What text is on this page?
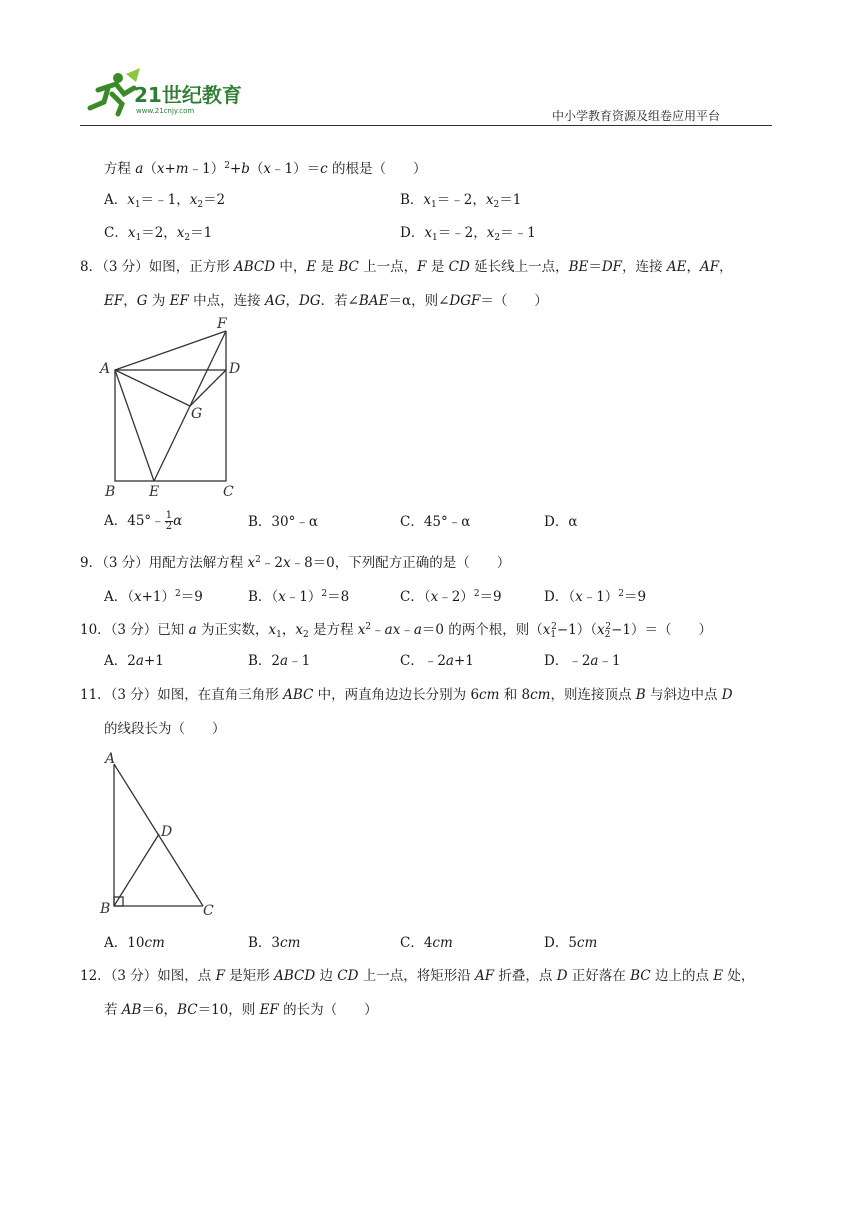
21世纪教育
www.21cnjy.com	中小学教育资源及组卷应用平台
方程 a（x+m﹣1）$^2$+b（x﹣1）＝c 的根是（　　）
A．$x_1=﹣1$，$x_2=2$	B．$x_1=﹣2$，$x_2=1$
C．$x_1=2$，$x_2=1$	D．$x_1=﹣2$，$x_2=﹣1$
8．（3 分）如图，正方形 ABCD 中，E 是 BC 上一点，F 是 CD 延长线上一点，BE＝DF，连接 AE，AF，
EF，G 为 EF 中点，连接 AG，DG．若∠BAE＝α，则∠DGF＝（　　）
A
B	C
D
E
F
G
A．45°﹣ $\frac{1}{2}$ α	B．30°﹣α	C．45°﹣α	D．α
9．（3 分）用配方法解方程 $x^2﹣2x﹣8=0$，下列配方正确的是（　　）
A．$(x+1)^2=9$	B．（x﹣1）$^2$＝8	C．（x﹣2）$^2$＝9	D．（x﹣1）$^2$＝9
10．（3 分）已知 a 为正实数，$x_1$，$x_2$ 是方程 $x^2﹣ax﹣a=0$ 的两个根，则$(x_1^2-1)(x_2^2-1)=$（　　）
A．2a+1	B．2a﹣1	C．﹣2a+1	D．﹣2a﹣1
11．（3 分）如图，在直角三角形 ABC 中，两直角边边长分别为 6cm 和 8cm，则连接顶点 B 与斜边中点 D
的线段长为（　　）
A
B	C
D
A．10cm	B．3cm	C．4cm	D．5cm
12．（3 分）如图，点 F 是矩形 ABCD 边 CD 上一点，将矩形沿 AF 折叠，点 D 正好落在 BC 边上的点 E 处，
若 AB＝6，BC＝10，则 EF 的长为（　　）
